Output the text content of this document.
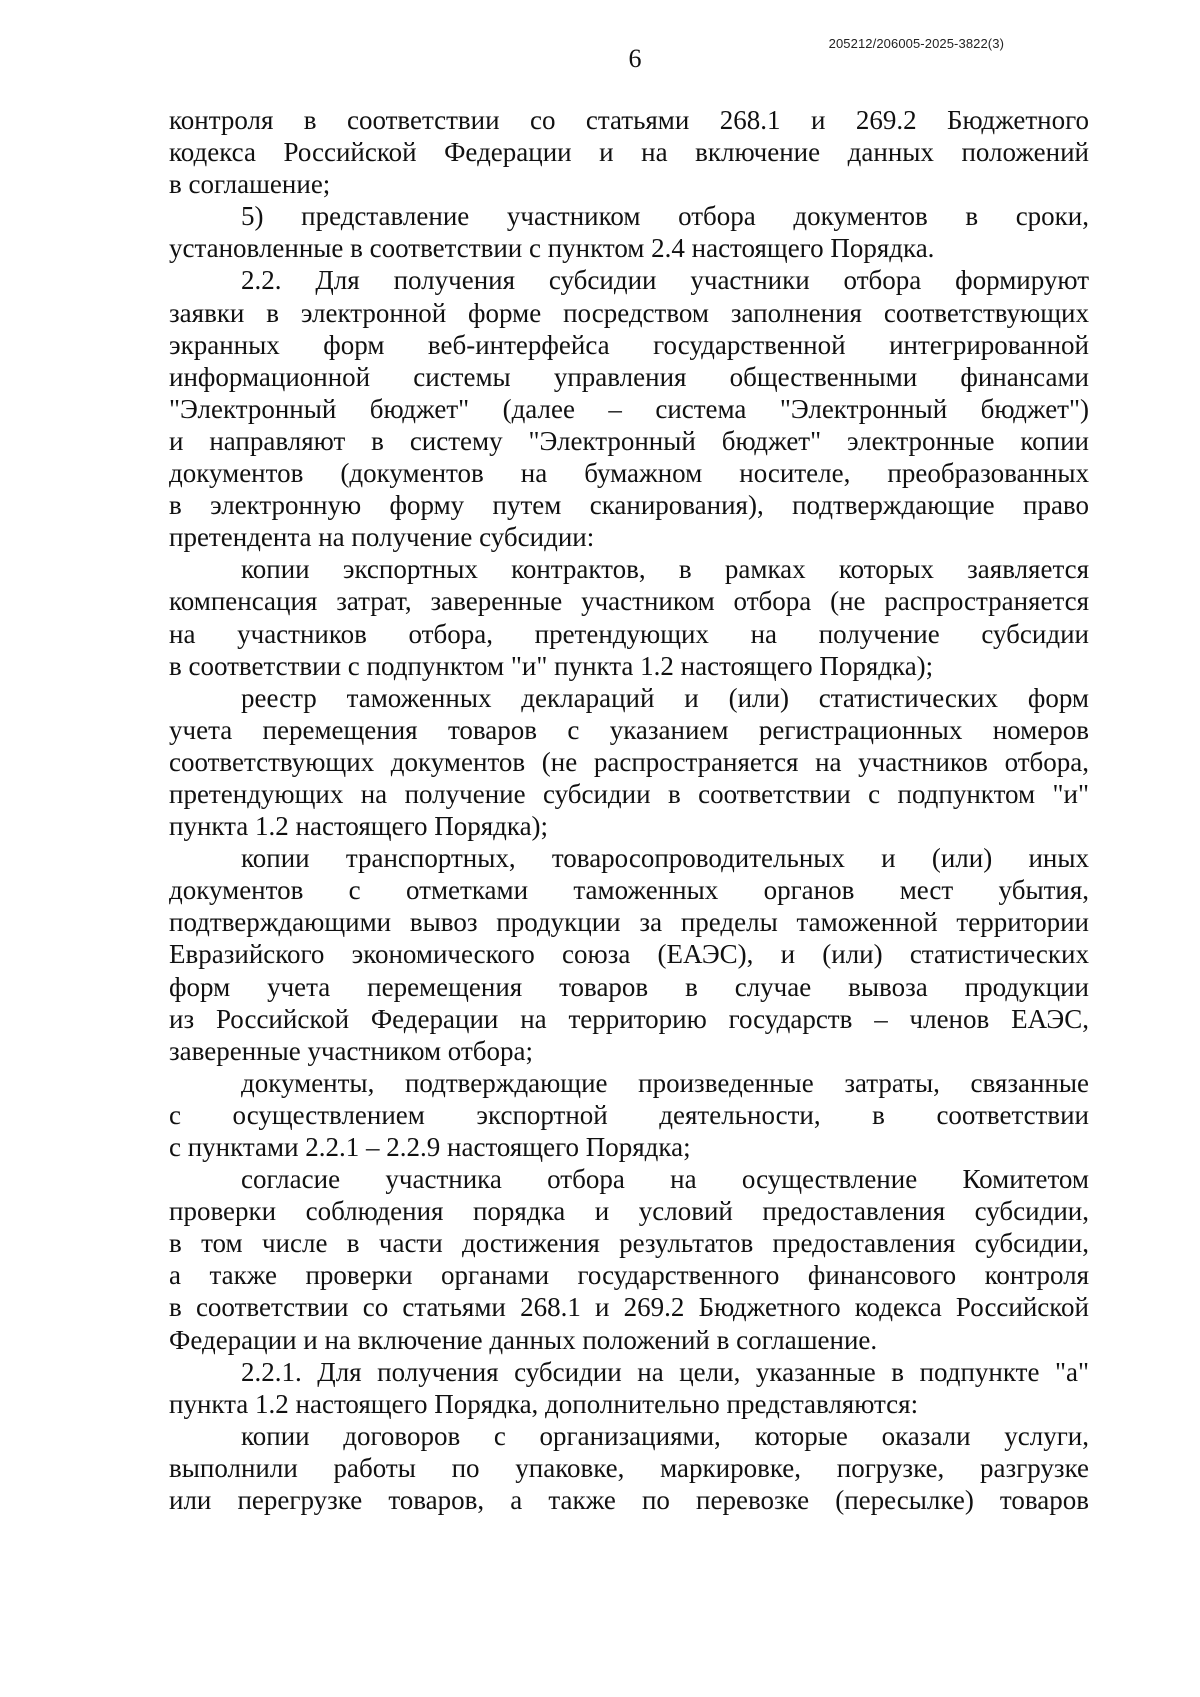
205212/206005-2025-3822(3)
6
контроля в соответствии со статьями 268.1 и 269.2 Бюджетного
кодекса Российской Федерации и на включение данных положений
в соглашение;
5) представление участником отбора документов в сроки,
установленные в соответствии с пунктом 2.4 настоящего Порядка.
2.2. Для получения субсидии участники отбора формируют
заявки в электронной форме посредством заполнения соответствующих
экранных форм веб-интерфейса государственной интегрированной
информационной системы управления общественными финансами
"Электронный бюджет" (далее – система "Электронный бюджет")
и направляют в систему "Электронный бюджет" электронные копии
документов (документов на бумажном носителе, преобразованных
в электронную форму путем сканирования), подтверждающие право
претендента на получение субсидии:
копии экспортных контрактов, в рамках которых заявляется
компенсация затрат, заверенные участником отбора (не распространяется
на участников отбора, претендующих на получение субсидии
в соответствии с подпунктом "и" пункта 1.2 настоящего Порядка);
реестр таможенных деклараций и (или) статистических форм
учета перемещения товаров с указанием регистрационных номеров
соответствующих документов (не распространяется на участников отбора,
претендующих на получение субсидии в соответствии с подпунктом "и"
пункта 1.2 настоящего Порядка);
копии транспортных, товаросопроводительных и (или) иных
документов с отметками таможенных органов мест убытия,
подтверждающими вывоз продукции за пределы таможенной территории
Евразийского экономического союза (ЕАЭС), и (или) статистических
форм учета перемещения товаров в случае вывоза продукции
из Российской Федерации на территорию государств – членов ЕАЭС,
заверенные участником отбора;
документы, подтверждающие произведенные затраты, связанные
с осуществлением экспортной деятельности, в соответствии
с пунктами 2.2.1 – 2.2.9 настоящего Порядка;
согласие участника отбора на осуществление Комитетом
проверки соблюдения порядка и условий предоставления субсидии,
в том числе в части достижения результатов предоставления субсидии,
а также проверки органами государственного финансового контроля
в соответствии со статьями 268.1 и 269.2 Бюджетного кодекса Российской
Федерации и на включение данных положений в соглашение.
2.2.1. Для получения субсидии на цели, указанные в подпункте "а"
пункта 1.2 настоящего Порядка, дополнительно представляются:
копии договоров с организациями, которые оказали услуги,
выполнили работы по упаковке, маркировке, погрузке, разгрузке
или перегрузке товаров, а также по перевозке (пересылке) товаров
